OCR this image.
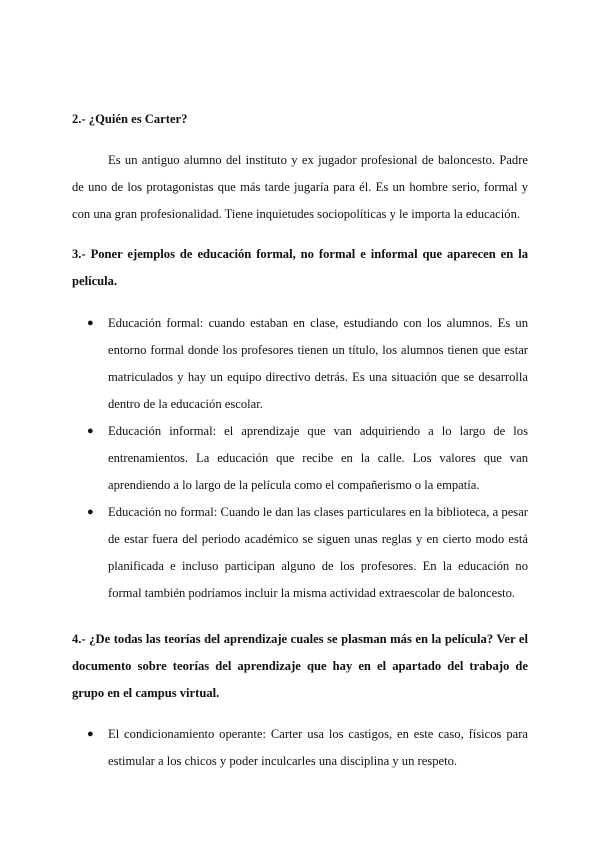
2.- ¿Quién es Carter?

Es un antiguo alumno del instituto y ex jugador profesional de baloncesto. Padre de uno de los protagonistas que más tarde jugaría para él. Es un hombre serio, formal y con una gran profesionalidad. Tiene inquietudes sociopolíticas y le importa la educación.

3.- Poner ejemplos de educación formal, no formal e informal que aparecen en la película.
● Educación formal: cuando estaban en clase, estudiando con los alumnos. Es un entorno formal donde los profesores tienen un título, los alumnos tienen que estar matriculados y hay un equipo directivo detrás. Es una situación que se desarrolla dentro de la educación escolar.
● Educación informal: el aprendizaje que van adquiriendo a lo largo de los entrenamientos. La educación que recibe en la calle. Los valores que van aprendiendo a lo largo de la película como el compañerismo o la empatía.
● Educación no formal: Cuando le dan las clases particulares en la biblioteca, a pesar de estar fuera del periodo académico se siguen unas reglas y en cierto modo está planificada e incluso participan alguno de los profesores. En la educación no formal también podríamos incluir la misma actividad extraescolar de baloncesto.
4.- ¿De todas las teorías del aprendizaje cuales se plasman más en la película? Ver el documento sobre teorías del aprendizaje que hay en el apartado del trabajo de grupo en el campus virtual.
● El condicionamiento operante: Carter usa los castigos, en este caso, físicos para estimular a los chicos y poder inculcarles una disciplina y un respeto.
